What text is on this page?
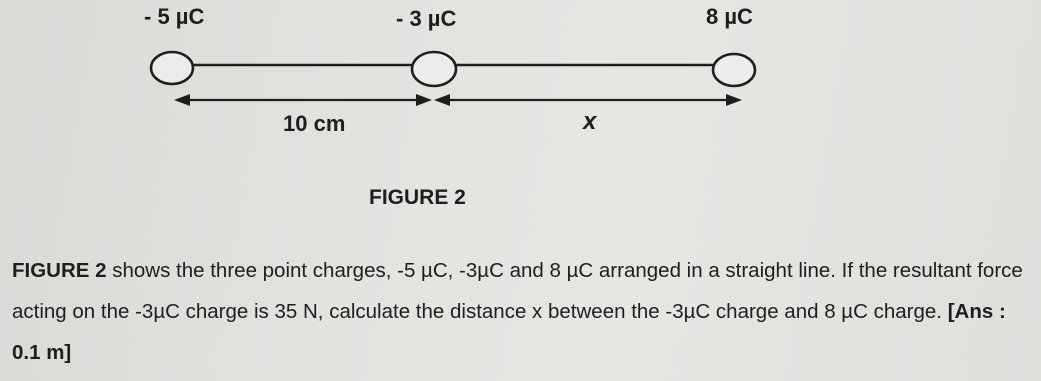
- 5 µC	- 3 µC	8 µC
10 cm	x
FIGURE 2
FIGURE 2 shows the three point charges, -5 µC, -3µC and 8 µC arranged in a straight line. If the resultant force acting on the -3µC charge is 35 N, calculate the distance x between the -3µC charge and 8 µC charge. [Ans : 0.1 m]
